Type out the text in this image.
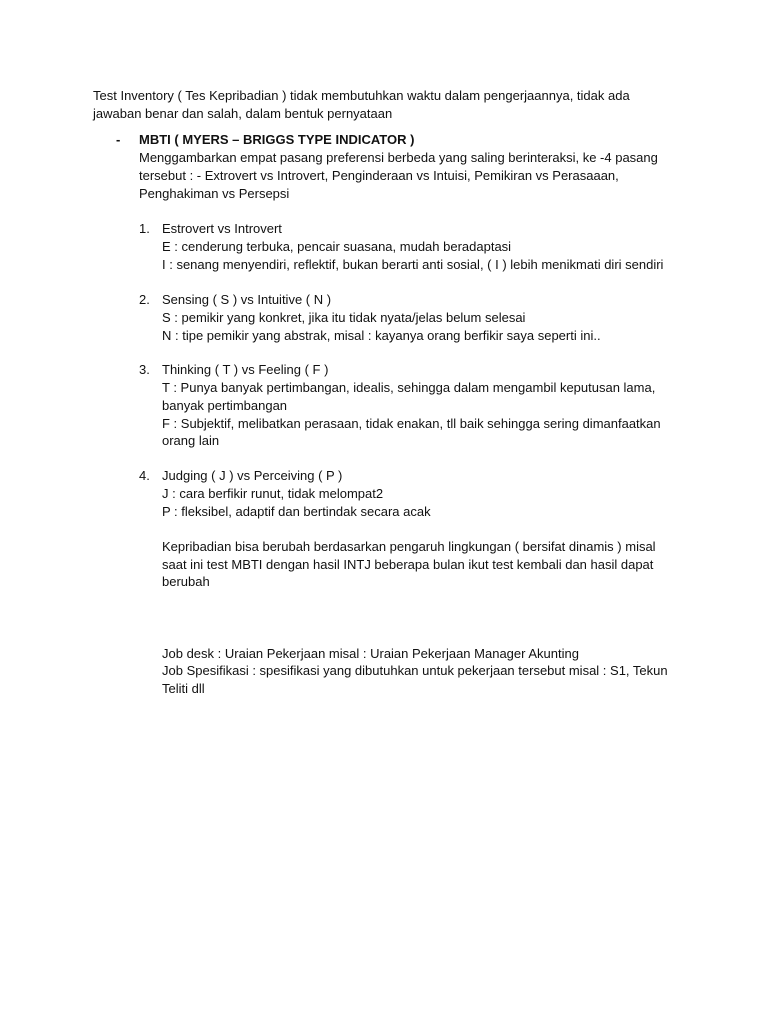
Test Inventory ( Tes Kepribadian ) tidak membutuhkan waktu dalam pengerjaannya, tidak ada
jawaban benar dan salah, dalam bentuk pernyataan
- MBTI ( MYERS – BRIGGS TYPE INDICATOR )
Menggambarkan empat pasang preferensi berbeda yang saling berinteraksi, ke -4 pasang
tersebut : - Extrovert vs Introvert, Penginderaan vs Intuisi, Pemikiran vs Perasaaan,
Penghakiman vs Persepsi
1. Estrovert vs Introvert
E : cenderung terbuka, pencair suasana, mudah beradaptasi
I : senang menyendiri, reflektif, bukan berarti anti sosial, ( I ) lebih menikmati diri sendiri
2. Sensing ( S ) vs Intuitive ( N )
S : pemikir yang konkret, jika itu tidak nyata/jelas belum selesai
N : tipe pemikir yang abstrak, misal : kayanya orang berfikir saya seperti ini..
3. Thinking ( T ) vs Feeling ( F )
T : Punya banyak pertimbangan, idealis, sehingga dalam mengambil keputusan lama,
banyak pertimbangan
F : Subjektif, melibatkan perasaan, tidak enakan, tll baik sehingga sering dimanfaatkan
orang lain
4. Judging ( J ) vs Perceiving ( P )
J : cara berfikir runut, tidak melompat2
P : fleksibel, adaptif dan bertindak secara acak
Kepribadian bisa berubah berdasarkan pengaruh lingkungan ( bersifat dinamis ) misal
saat ini test MBTI dengan hasil INTJ beberapa bulan ikut test kembali dan hasil dapat
berubah
Job desk : Uraian Pekerjaan misal : Uraian Pekerjaan Manager Akunting
Job Spesifikasi : spesifikasi yang dibutuhkan untuk pekerjaan tersebut misal : S1, Tekun
Teliti dll
